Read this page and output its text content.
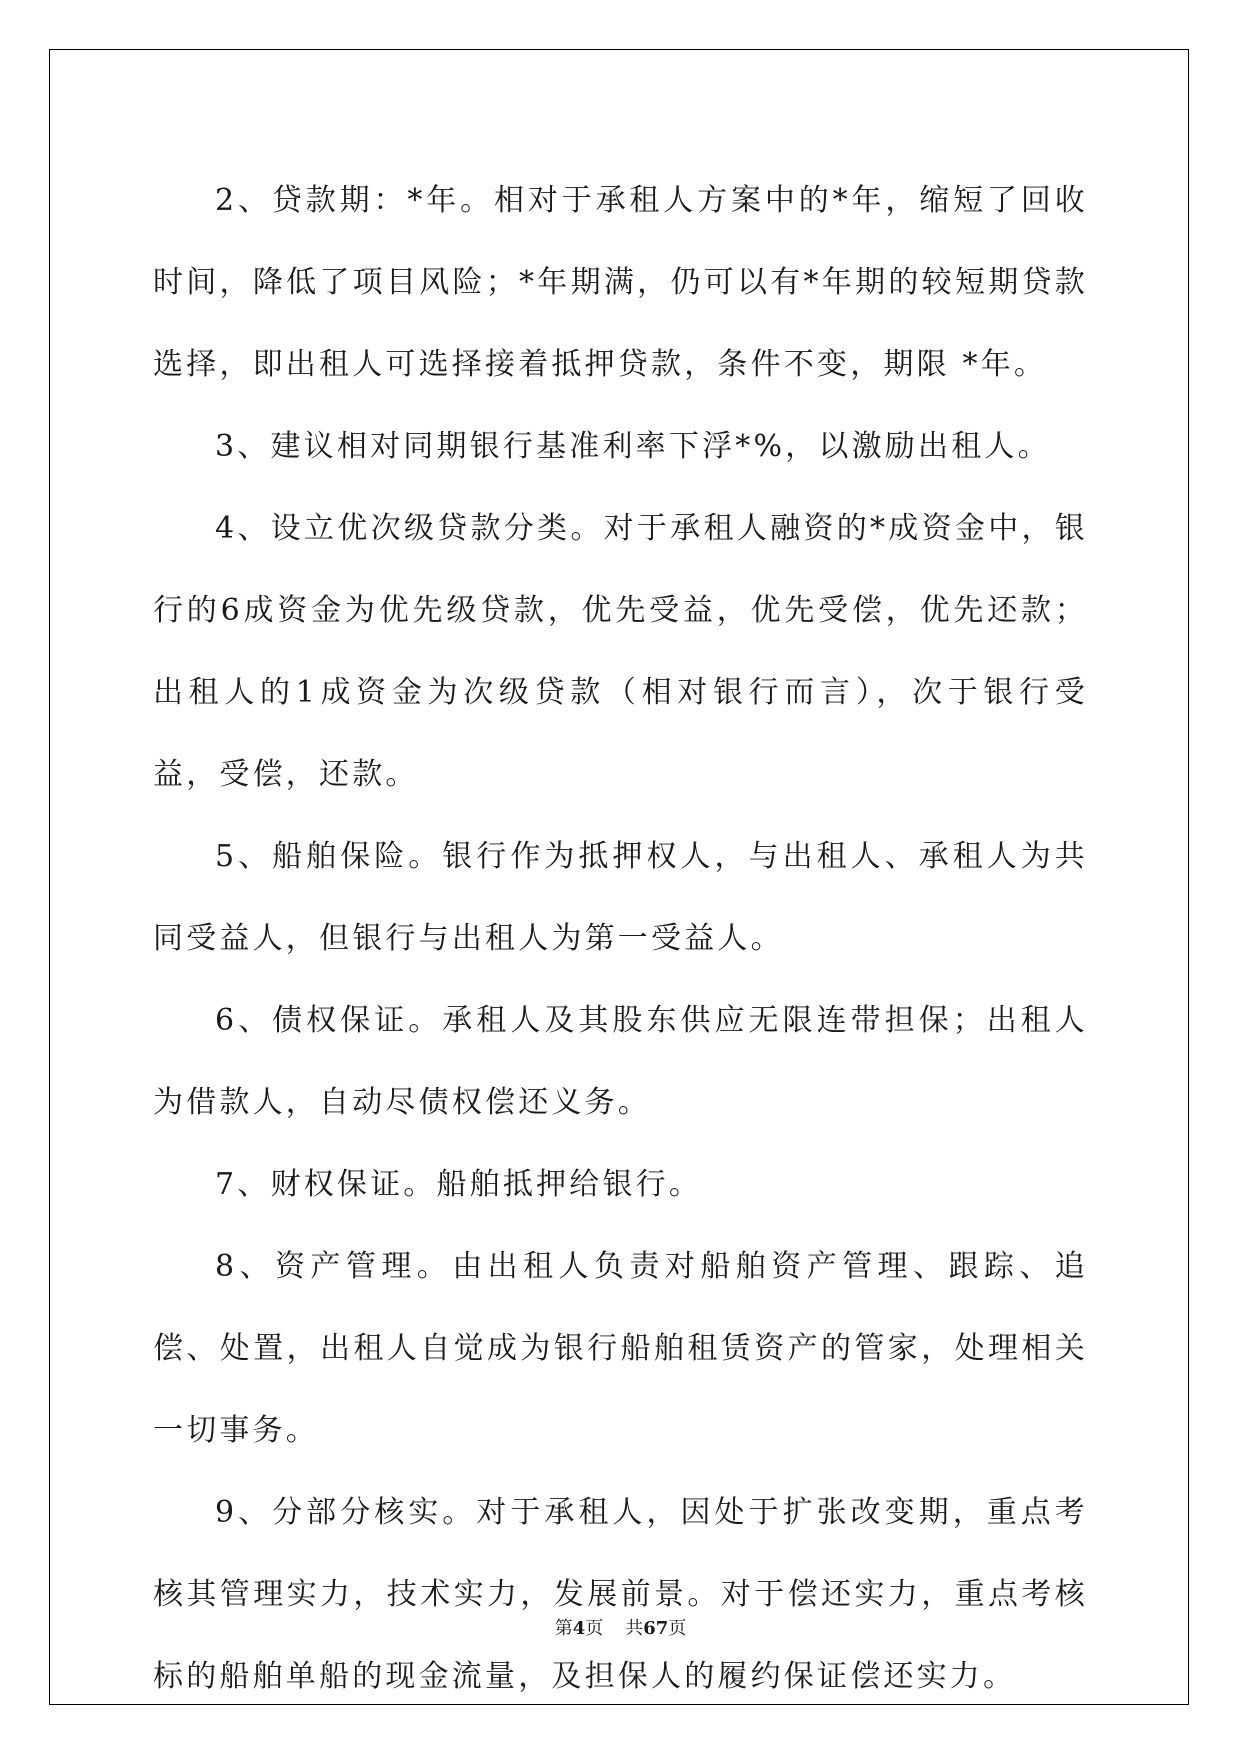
2、贷款期：*年。相对于承租人方案中的*年，缩短了回收时间，降低了项目风险；*年期满，仍可以有*年期的较短期贷款选择，即出租人可选择接着抵押贷款，条件不变，期限 *年。

3、建议相对同期银行基准利率下浮*%，以激励出租人。

4、设立优次级贷款分类。对于承租人融资的*成资金中，银行的6成资金为优先级贷款，优先受益，优先受偿，优先还款；出租人的1成资金为次级贷款（相对银行而言），次于银行受益，受偿，还款。

5、船舶保险。银行作为抵押权人，与出租人、承租人为共同受益人，但银行与出租人为第一受益人。

6、债权保证。承租人及其股东供应无限连带担保；出租人为借款人，自动尽债权偿还义务。

7、财权保证。船舶抵押给银行。

8、资产管理。由出租人负责对船舶资产管理、跟踪、追偿、处置，出租人自觉成为银行船舶租赁资产的管家，处理相关一切事务。

9、分部分核实。对于承租人，因处于扩张改变期，重点考核其管理实力，技术实力，发展前景。对于偿还实力，重点考核标的船舶单船的现金流量，及担保人的履约保证偿还实力。

第4页 共67页
